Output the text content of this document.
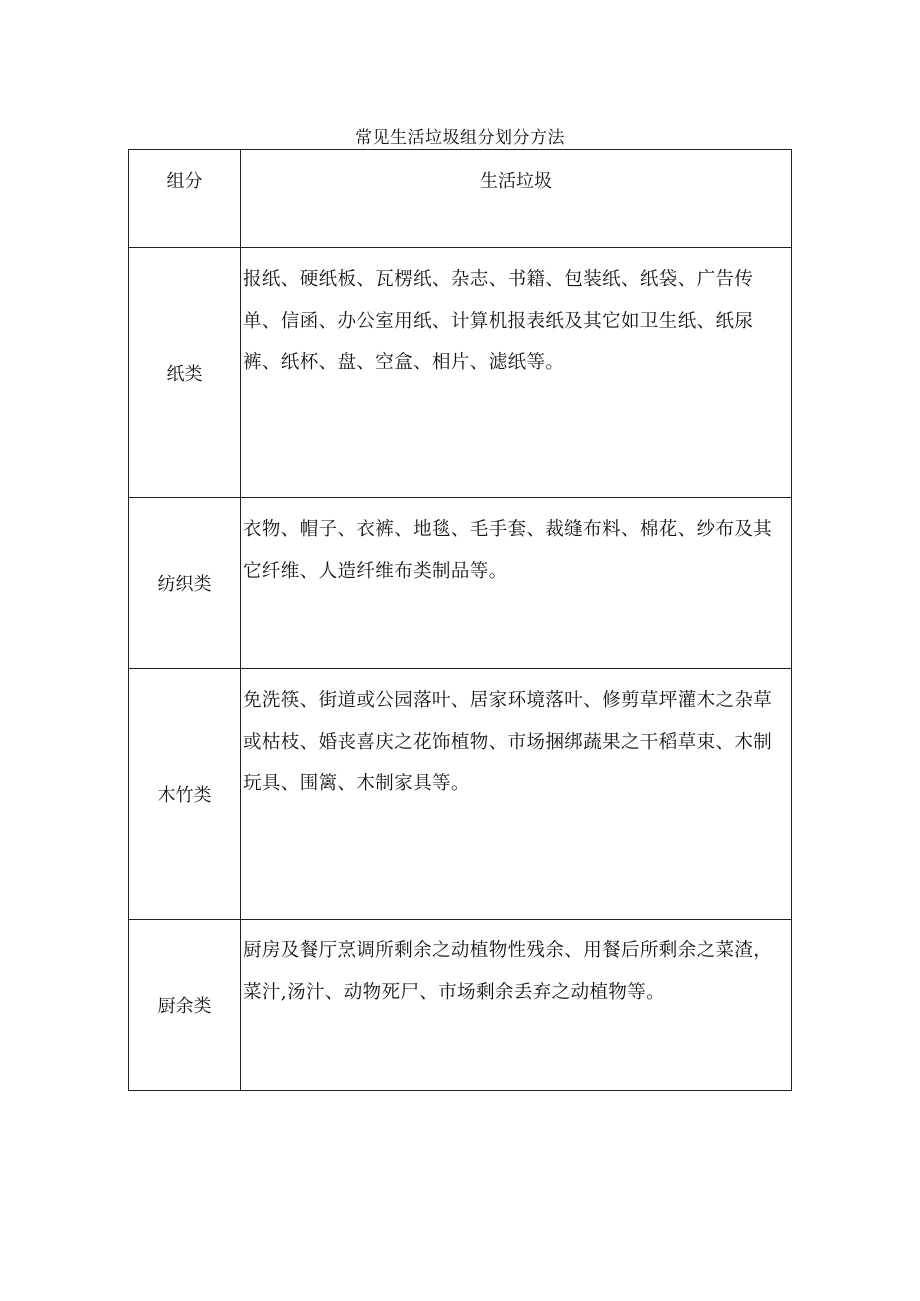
常见生活垃圾组分划分方法
组分	生活垃圾
纸类	报纸、硬纸板、瓦楞纸、杂志、书籍、包装纸、纸袋、广告传单、信函、办公室用纸、计算机报表纸及其它如卫生纸、纸尿裤、纸杯、盘、空盒、相片、滤纸等。
纺织类	衣物、帽子、衣裤、地毯、毛手套、裁缝布料、棉花、纱布及其它纤维、人造纤维布类制品等。
木竹类	免洗筷、街道或公园落叶、居家环境落叶、修剪草坪灌木之杂草或枯枝、婚丧喜庆之花饰植物、市场捆绑蔬果之干稻草束、木制玩具、围篱、木制家具等。
厨余类	厨房及餐厅烹调所剩余之动植物性残余、用餐后所剩余之菜渣，菜汁,汤汁、动物死尸、市场剩余丢弃之动植物等。
